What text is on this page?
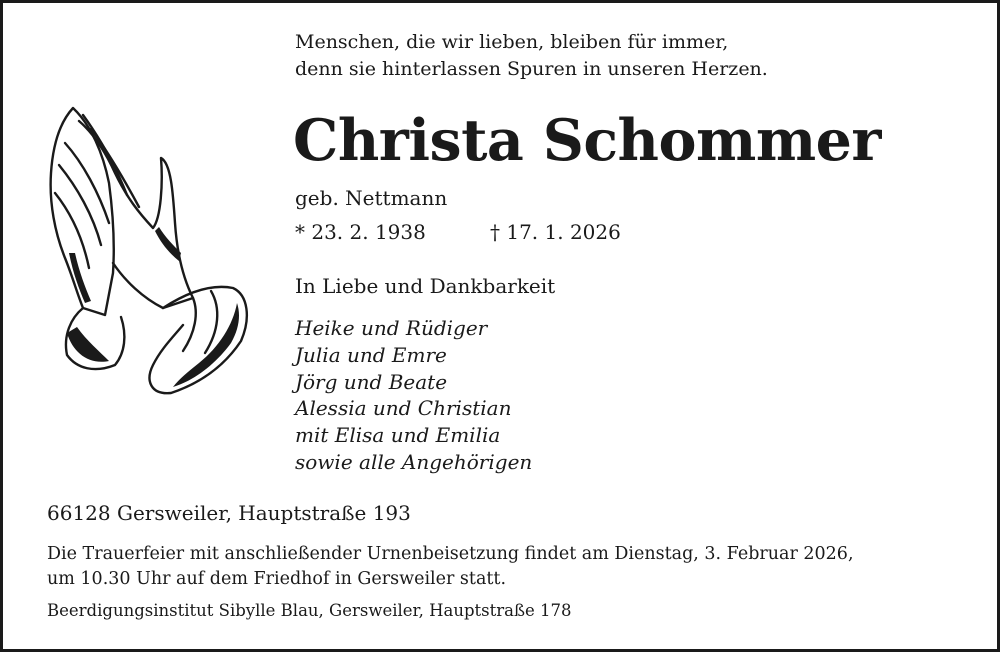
Menschen, die wir lieben, bleiben für immer,
denn sie hinterlassen Spuren in unseren Herzen.

Christa Schommer
geb. Nettmann
* 23. 2. 1938	† 17. 1. 2026
In Liebe und Dankbarkeit
Heike und Rüdiger
Julia und Emre
Jörg und Beate
Alessia und Christian
mit Elisa und Emilia
sowie alle Angehörigen
66128 Gersweiler, Hauptstraße 193
Die Trauerfeier mit anschließender Urnenbeisetzung findet am Dienstag, 3. Februar 2026,
um 10.30 Uhr auf dem Friedhof in Gersweiler statt.
Beerdigungsinstitut Sibylle Blau, Gersweiler, Hauptstraße 178
